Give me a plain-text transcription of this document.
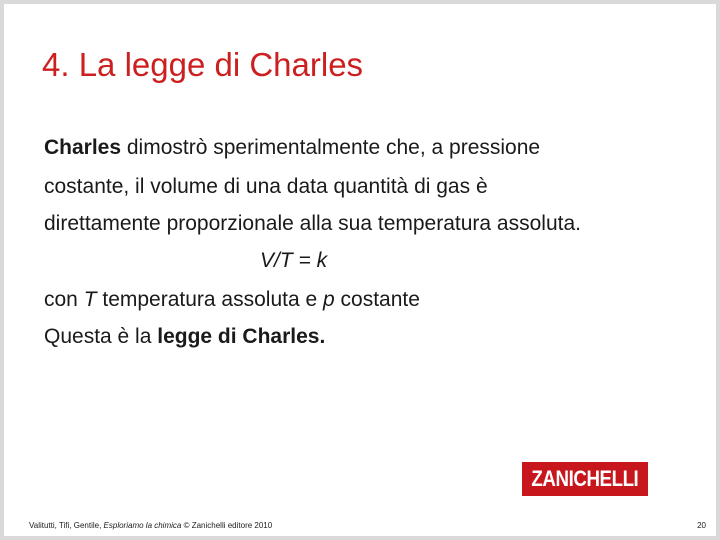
4. La legge di Charles
Charles dimostrò sperimentalmente che, a pressione
costante, il volume di una data quantità di gas è
direttamente proporzionale alla sua temperatura assoluta.
V/T = k
con T temperatura assoluta e p costante
Questa è la legge di Charles.
ZANICHELLI
Valitutti, Tifi, Gentile, Esploriamo la chimica © Zanichelli editore 2010	20
